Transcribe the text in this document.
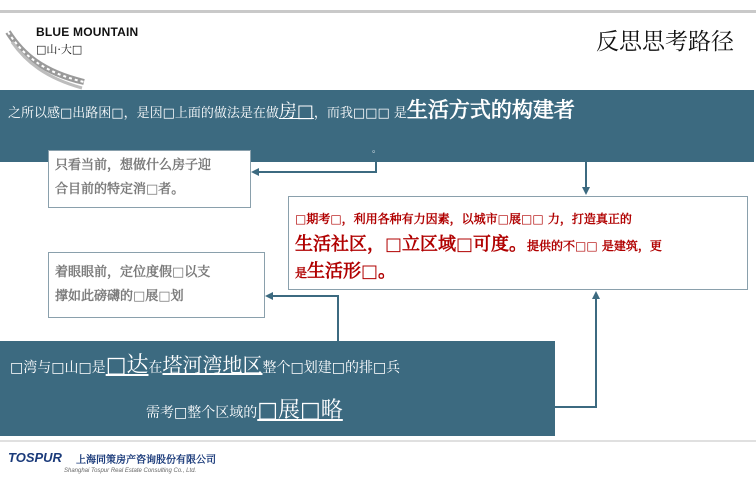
BLUE MOUNTAIN
□山·大□	反思思考路径
之所以感□出路困□，是因□上面的做法是在做房□，而我□□□ 是生活方式的构建者
。
只看当前，想做什么房子迎
合目前的特定消□者。
着眼眼前，定位度假□以支
撑如此磅礴的□展□划
□期考□，利用各种有力因素，以城市□展□□ 力，打造真正的
生活社区，□立区域□可度。提供的不□□ 是建筑，更
是生活形□。
□湾与□山□是□达在塔河湾地区整个□划建□的排□兵
需考□整个区域的□展□略
TOSPUR 上海同策房产咨询股份有限公司
Shanghai Tospur Real Estate Consulting Co., Ltd.
